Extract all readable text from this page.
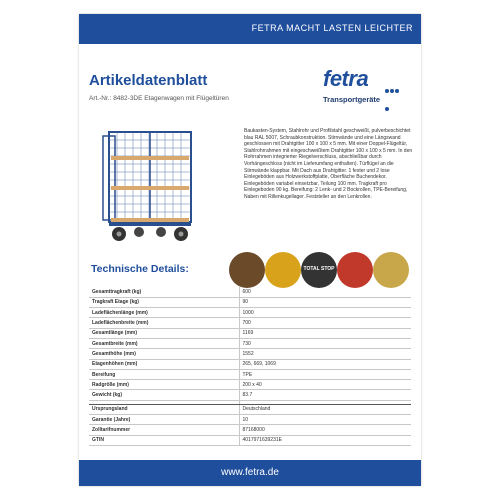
FETRA MACHT LASTEN LEICHTER
Artikeldatenblatt
Art.-Nr.: 8482-3DE Etagenwagen mit Flügeltüren
fetra
Transportgeräte

Baukasten-System, Stahlrohr und Profilstahl geschweißt, pulverbeschichtet blau RAL 5007, Schraubkonstruktion. Stirnwände und eine Längswand geschlossen mit Drahtgitter 100 x 100 x 5 mm. Mit einer Doppel-Flügeltür, Stahlrohrrahmen mit eingeschweißtem Drahtgitter 100 x 100 x 5 mm. In den Rohrrahmen integrierter Riegelverschluss, abschließbar durch Vorhängeschloss (nicht im Lieferumfang enthalten). Türflügel an die Stirnwände klappbar. Mit Dach aus Drahtgitter. 1 fester und 2 lose Einlegeböden aus Holzwerkstoffplatte, Oberfläche Buchendekor. Einlegeböden variabel einsetzbar, Teilung 100 mm. Tragkraft pro Einlegeboden 90 kg. Bereifung: 2 Lenk- und 2 Bockrollen, TPE-Bereifung, Naben mit Rillenkugellager. Feststeller an den Lenkrollen.

Technische Details:	TOTAL STOP
Gesamttragkraft (kg)	600
Tragkraft Etage (kg)	90
Ladeflächenlänge (mm)	1000
Ladeflächenbreite (mm)	700
Gesamtlänge (mm)	1169
Gesamtbreite (mm)	730
Gesamthöhe (mm)	1552
Etagenhöhen (mm)	265, 669, 1069
Bereifung	TPE
Radgröße (mm)	200 x 40
Gewicht (kg)	83.7

Ursprungsland	Deutschland
Garantie (Jahre)	10
Zolltarifnummer	87168000
GTIN	4017971639231E
www.fetra.de
